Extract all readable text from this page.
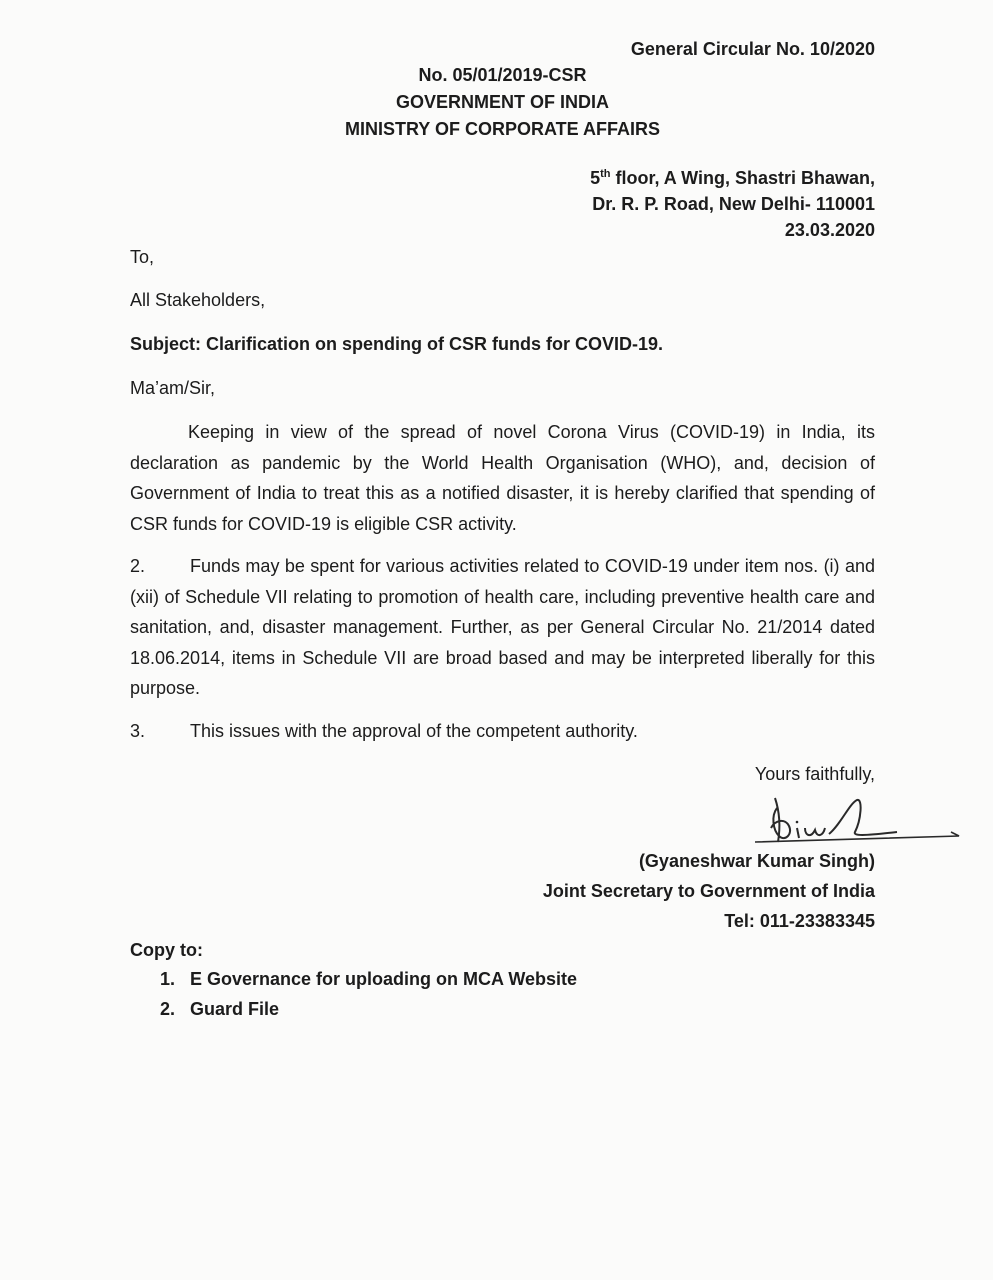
General Circular No. 10/2020
No. 05/01/2019-CSR
GOVERNMENT OF INDIA
MINISTRY OF CORPORATE AFFAIRS
5th floor, A Wing, Shastri Bhawan,
Dr. R. P. Road, New Delhi- 110001
23.03.2020
To,
All Stakeholders,
Subject: Clarification on spending of CSR funds for COVID-19.
Ma’am/Sir,
Keeping in view of the spread of novel Corona Virus (COVID-19) in India, its declaration as pandemic by the World Health Organisation (WHO), and, decision of Government of India to treat this as a notified disaster, it is hereby clarified that spending of CSR funds for COVID-19 is eligible CSR activity.
2. Funds may be spent for various activities related to COVID-19 under item nos. (i) and (xii) of Schedule VII relating to promotion of health care, including preventive health care and sanitation, and, disaster management. Further, as per General Circular No. 21/2014 dated 18.06.2014, items in Schedule VII are broad based and may be interpreted liberally for this purpose.
3. This issues with the approval of the competent authority.
Yours faithfully,
(Gyaneshwar Kumar Singh)
Joint Secretary to Government of India
Tel: 011-23383345
Copy to:
1. E Governance for uploading on MCA Website
2. Guard File
